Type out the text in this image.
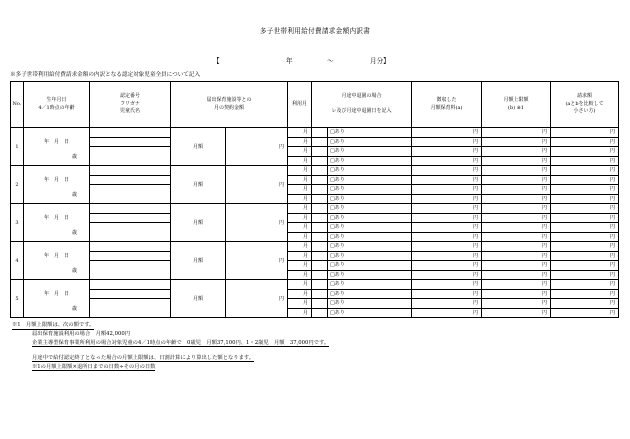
多子世帯利用給付費請求金額内訳書
【	年	～	月分】
※多子世帯利用給付費請求金額の内訳となる認定対象児童全員について記入
No.	生年月日
4／1時点の年齢	認定番号
フリガナ
児童氏名	届出保育施設等との
月の契約金額		利用月	月途中退園の場合

レ及び月途中退園日を記入		徴収した
月額保育料(a)	月額上限額
(b) ※1	請求額
(aとbを比較して
小さい方)
1	年  月  日
歳		月額	円	月		□あり	円	円	円
					月		□あり	円	円	円
					月		□あり	円	円	円
					月		□あり	円	円	円
2	年  月  日
歳		月額	円	月		□あり	円	円	円
					月		□あり	円	円	円
					月		□あり	円	円	円
					月		□あり	円	円	円
3	年  月  日
歳		月額	円	月		□あり	円	円	円
					月		□あり	円	円	円
					月		□あり	円	円	円
					月		□あり	円	円	円
4	年  月  日
歳		月額	円	月		□あり	円	円	円
					月		□あり	円	円	円
					月		□あり	円	円	円
					月		□あり	円	円	円
5	年  月  日
歳		月額	円	月		□あり	円	円	円
					月		□あり	円	円	円
					月		□あり	円	円	円
					月		□あり	円	円	円
※1　月額上限額は、次の額です。
届出保育施設利用の場合　月額42,000円
企業主導型保育事業所利用の場合対象児童の4／1時点の年齢で　0歳児　月額37,100円、1・2歳児　月額　37,000円です。
月途中で給付認定終了となった場合の月額上限額は、日割計算により算出した額となります。
※1の月額上限額×退所日までの日数÷その月の日数
